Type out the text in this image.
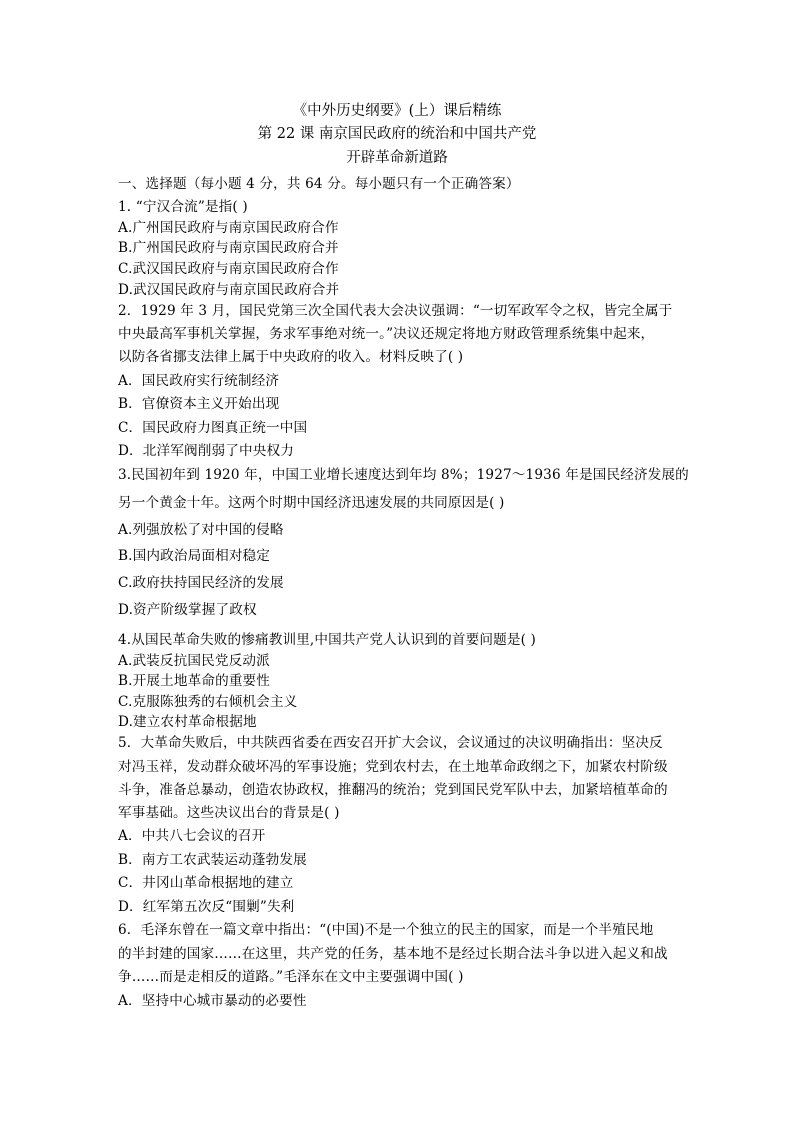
《中外历史纲要》(上）课后精练
第 22 课 南京国民政府的统治和中国共产党
开辟革命新道路
一、选择题（每小题 4 分，共 64 分。每小题只有一个正确答案）
1. “宁汉合流”是指( )
A.广州国民政府与南京国民政府合作
B.广州国民政府与南京国民政府合并
C.武汉国民政府与南京国民政府合作
D.武汉国民政府与南京国民政府合并
2．1929 年 3 月，国民党第三次全国代表大会决议强调：“一切军政军令之权，皆完全属于
中央最高军事机关掌握，务求军事绝对统一。”决议还规定将地方财政管理系统集中起来，
以防各省挪支法律上属于中央政府的收入。材料反映了( )
A．国民政府实行统制经济
B．官僚资本主义开始出现
C．国民政府力图真正统一中国
D．北洋军阀削弱了中央权力
3.民国初年到 1920 年，中国工业增长速度达到年均 8%；1927～1936 年是国民经济发展的
另一个黄金十年。这两个时期中国经济迅速发展的共同原因是( )
A.列强放松了对中国的侵略
B.国内政治局面相对稳定
C.政府扶持国民经济的发展
D.资产阶级掌握了政权
4.从国民革命失败的惨痛教训里,中国共产党人认识到的首要问题是( )
A.武装反抗国民党反动派
B.开展土地革命的重要性
C.克服陈独秀的右倾机会主义
D.建立农村革命根据地
5．大革命失败后，中共陕西省委在西安召开扩大会议，会议通过的决议明确指出：坚决反
对冯玉祥，发动群众破坏冯的军事设施；党到农村去，在土地革命政纲之下，加紧农村阶级
斗争，准备总暴动，创造农协政权，推翻冯的统治；党到国民党军队中去，加紧培植革命的
军事基础。这些决议出台的背景是( )
A．中共八七会议的召开
B．南方工农武装运动蓬勃发展
C．井冈山革命根据地的建立
D．红军第五次反“围剿”失利
6．毛泽东曾在一篇文章中指出：“(中国)不是一个独立的民主的国家，而是一个半殖民地
的半封建的国家……在这里，共产党的任务，基本地不是经过长期合法斗争以进入起义和战
争……而是走相反的道路。”毛泽东在文中主要强调中国( )
A．坚持中心城市暴动的必要性
